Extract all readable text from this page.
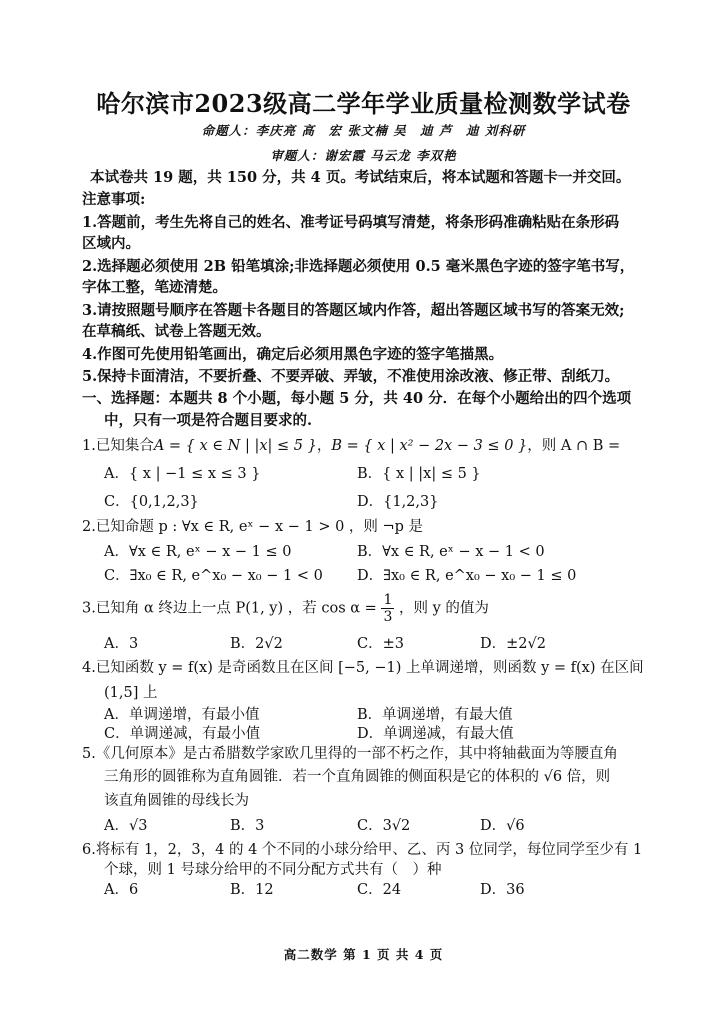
哈尔滨市2023级高二学年学业质量检测数学试卷
命题人：李庆亮 高　宏 张文楠 吴　迪 芦　迪 刘科研
审题人：谢宏霞 马云龙 李双艳
本试卷共 19 题，共 150 分，共 4 页。考试结束后，将本试题和答题卡一并交回。
注意事项:
1.答题前，考生先将自己的姓名、准考证号码填写清楚，将条形码准确粘贴在条形码
区域内。
2.选择题必须使用 2B 铅笔填涂;非选择题必须使用 0.5 毫米黑色字迹的签字笔书写，
字体工整，笔迹清楚。
3.请按照题号顺序在答题卡各题目的答题区域内作答，超出答题区域书写的答案无效;
在草稿纸、试卷上答题无效。
4.作图可先使用铅笔画出，确定后必须用黑色字迹的签字笔描黑。
5.保持卡面清洁，不要折叠、不要弄破、弄皱，不准使用涂改液、修正带、刮纸刀。
一、选择题：本题共 8 个小题，每小题 5 分，共 40 分．在每个小题给出的四个选项
中，只有一项是符合题目要求的.
1.已知集合A = { x ∈ N | |x| ≤ 5 }，B = { x | x² − 2x − 3 ≤ 0 }，则 A ∩ B =
A．{ x | −1 ≤ x ≤ 3 }	B．{ x | |x| ≤ 5 }
C．{0,1,2,3}	D．{1,2,3}
2.已知命题 p : ∀x ∈ R, eˣ − x − 1 > 0 ，则 ¬p 是
A．∀x ∈ R, eˣ − x − 1 ≤ 0	B．∀x ∈ R, eˣ − x − 1 < 0
C．∃x₀ ∈ R, e^x₀ − x₀ − 1 < 0 D．∃x₀ ∈ R, e^x₀ − x₀ − 1 ≤ 0
3.已知角 α 终边上一点 P(1, y) ，若 $\cos \alpha = \frac{1}{3}$ ，则 y 的值为
A．3	B．2√2	C．±3	D．±2√2
4.已知函数 y = f(x) 是奇函数且在区间 [−5, −1) 上单调递增，则函数 y = f(x) 在区间
(1,5] 上
A．单调递增，有最小值	B．单调递增，有最大值
C．单调递减，有最小值	D．单调递减，有最大值
5.《几何原本》是古希腊数学家欧几里得的一部不朽之作，其中将轴截面为等腰直角
三角形的圆锥称为直角圆锥．若一个直角圆锥的侧面积是它的体积的 √6 倍，则
该直角圆锥的母线长为
A．√3	B．3	C．3√2	D．√6
6.将标有 1，2，3，4 的 4 个不同的小球分给甲、乙、丙 3 位同学，每位同学至少有 1
个球，则 1 号球分给甲的不同分配方式共有（　）种
A．6	B．12	C．24	D．36
高二数学 第 1 页 共 4 页
